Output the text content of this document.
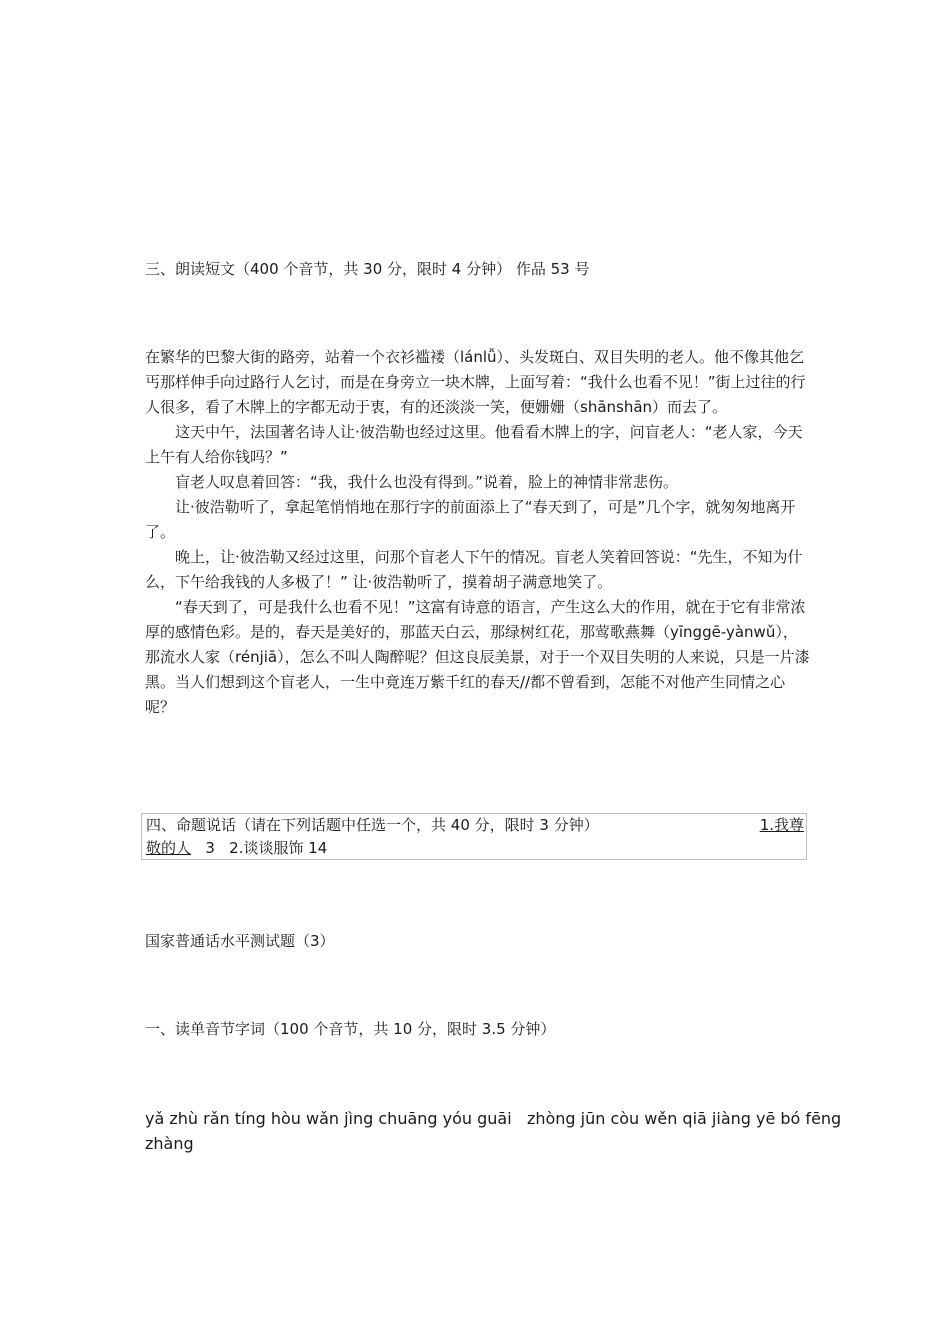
三、朗读短文（400 个音节，共 30 分，限时 4 分钟） 作品 53 号

在繁华的巴黎大街的路旁，站着一个衣衫褴褛（lánlǚ）、头发斑白、双目失明的老人。他不像其他乞丐那样伸手向过路行人乞讨，而是在身旁立一块木牌，上面写着：“我什么也看不见！”街上过往的行人很多，看了木牌上的字都无动于衷，有的还淡淡一笑，便姗姗（shānshān）而去了。

这天中午，法国著名诗人让·彼浩勒也经过这里。他看看木牌上的字，问盲老人：“老人家，今天上午有人给你钱吗？”

盲老人叹息着回答：“我，我什么也没有得到。”说着，脸上的神情非常悲伤。

让·彼浩勒听了，拿起笔悄悄地在那行字的前面添上了“春天到了，可是”几个字，就匆匆地离开了。

晚上，让·彼浩勒又经过这里，问那个盲老人下午的情况。盲老人笑着回答说：“先生，不知为什么，下午给我钱的人多极了！” 让·彼浩勒听了，摸着胡子满意地笑了。

“春天到了，可是我什么也看不见！”这富有诗意的语言，产生这么大的作用，就在于它有非常浓厚的感情色彩。是的，春天是美好的，那蓝天白云，那绿树红花，那莺歌燕舞（yīnggē-yànwǔ），那流水人家（rénjiā），怎么不叫人陶醉呢？但这良辰美景，对于一个双目失明的人来说，只是一片漆黑。当人们想到这个盲老人，一生中竟连万紫千红的春天//都不曾看到，怎能不对他产生同情之心呢？

四、命题说话（请在下列话题中任选一个，共 40 分，限时 3 分钟）	1.我尊
敬的人   3   2.谈谈服饰 14
国家普通话水平测试题（3）
一、读单音节字词（100 个音节，共 10 分，限时 3.5 分钟）
yǎ zhù rǎn tíng hòu wǎn jìng chuāng yóu guāi   zhòng jūn còu wěn qiā jiàng yē bó fēng
zhàng
